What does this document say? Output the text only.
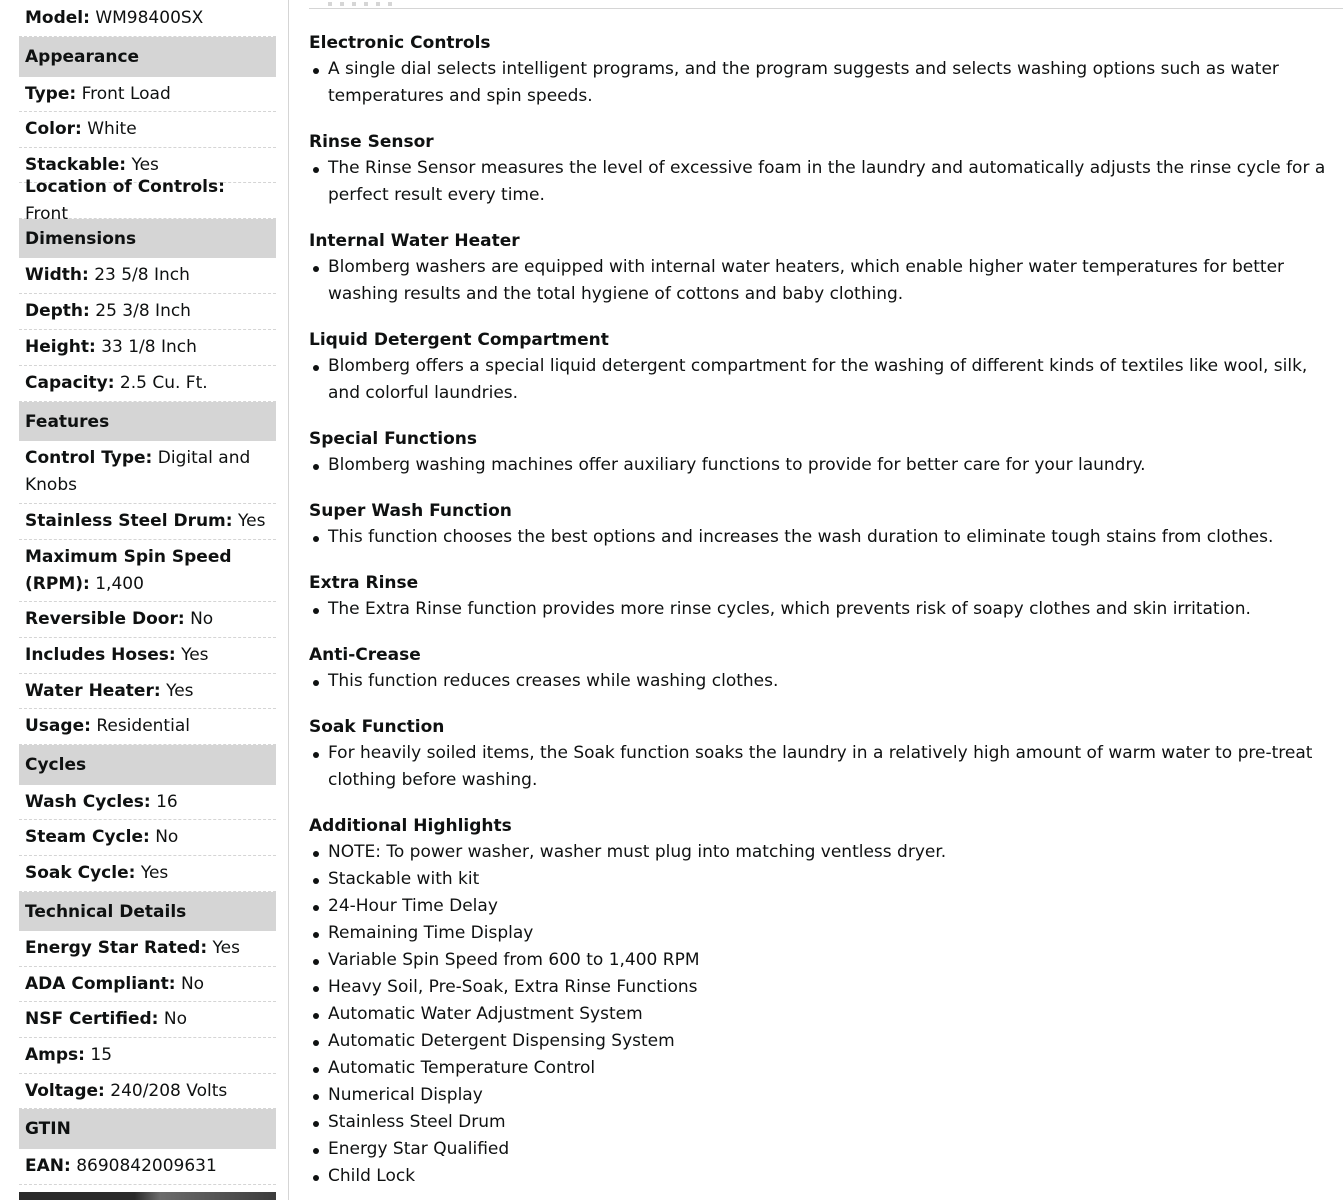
Model: WM98400SX
Appearance
Type: Front Load
Color: White
Stackable: Yes
Location of Controls: Front
Dimensions
Width: 23 5/8 Inch
Depth: 25 3/8 Inch
Height: 33 1/8 Inch
Capacity: 2.5 Cu. Ft.
Features
Control Type: Digital and Knobs
Stainless Steel Drum: Yes
Maximum Spin Speed (RPM): 1,400
Reversible Door: No
Includes Hoses: Yes
Water Heater: Yes
Usage: Residential
Cycles
Wash Cycles: 16
Steam Cycle: No
Soak Cycle: Yes
Technical Details
Energy Star Rated: Yes
ADA Compliant: No
NSF Certified: No
Amps: 15
Voltage: 240/208 Volts
GTIN
EAN: 8690842009631
Electronic Controls
A single dial selects intelligent programs, and the program suggests and selects washing options such as water temperatures and spin speeds.
Rinse Sensor
The Rinse Sensor measures the level of excessive foam in the laundry and automatically adjusts the rinse cycle for a perfect result every time.
Internal Water Heater
Blomberg washers are equipped with internal water heaters, which enable higher water temperatures for better washing results and the total hygiene of cottons and baby clothing.
Liquid Detergent Compartment
Blomberg offers a special liquid detergent compartment for the washing of different kinds of textiles like wool, silk, and colorful laundries.
Special Functions
Blomberg washing machines offer auxiliary functions to provide for better care for your laundry.
Super Wash Function
This function chooses the best options and increases the wash duration to eliminate tough stains from clothes.
Extra Rinse
The Extra Rinse function provides more rinse cycles, which prevents risk of soapy clothes and skin irritation.
Anti-Crease
This function reduces creases while washing clothes.
Soak Function
For heavily soiled items, the Soak function soaks the laundry in a relatively high amount of warm water to pre-treat clothing before washing.
Additional Highlights
NOTE: To power washer, washer must plug into matching ventless dryer.
Stackable with kit
24-Hour Time Delay
Remaining Time Display
Variable Spin Speed from 600 to 1,400 RPM
Heavy Soil, Pre-Soak, Extra Rinse Functions
Automatic Water Adjustment System
Automatic Detergent Dispensing System
Automatic Temperature Control
Numerical Display
Stainless Steel Drum
Energy Star Qualified
Child Lock
